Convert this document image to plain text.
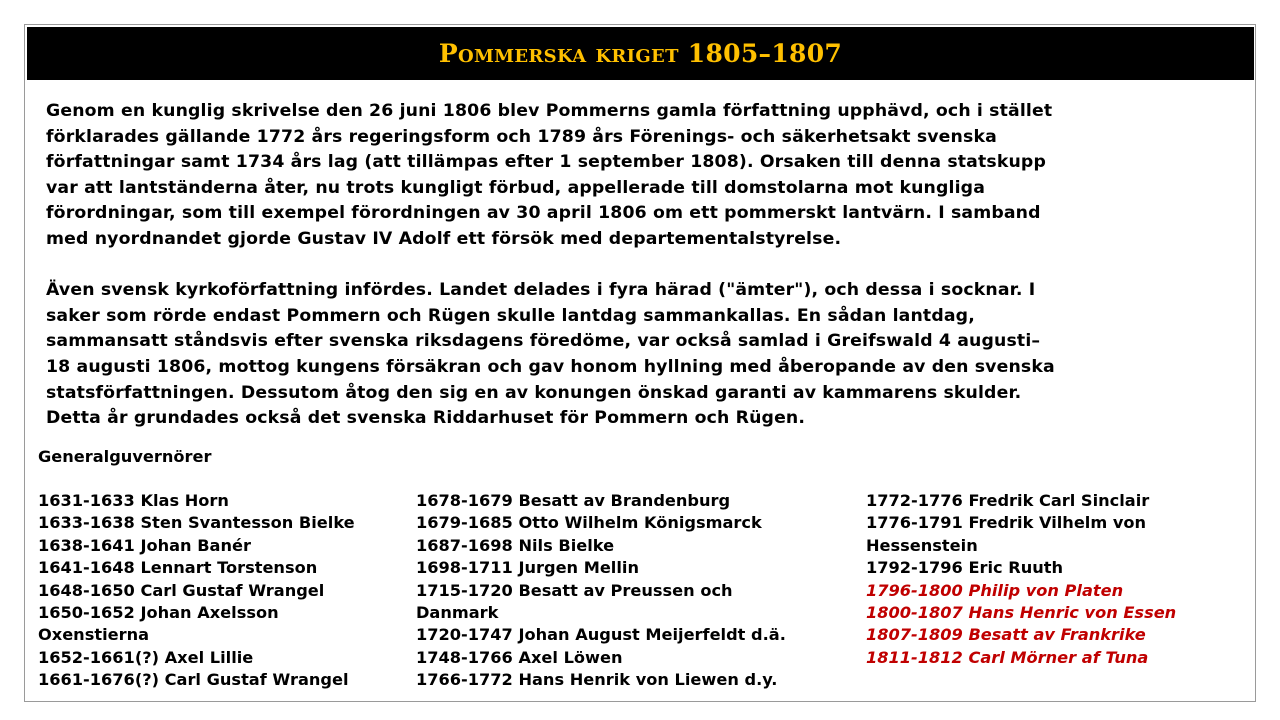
Pommerska kriget 1805–1807

Genom en kunglig skrivelse den 26 juni 1806 blev Pommerns gamla författning upphävd, och i stället
förklarades gällande 1772 års regeringsform och 1789 års Förenings- och säkerhetsakt svenska
författningar samt 1734 års lag (att tillämpas efter 1 september 1808). Orsaken till denna statskupp
var att lantständerna åter, nu trots kungligt förbud, appellerade till domstolarna mot kungliga
förordningar, som till exempel förordningen av 30 april 1806 om ett pommerskt lantvärn. I samband
med nyordnandet gjorde Gustav IV Adolf ett försök med departementalstyrelse.

Även svensk kyrkoförfattning infördes. Landet delades i fyra härad ("ämter"), och dessa i socknar. I
saker som rörde endast Pommern och Rügen skulle lantdag sammankallas. En sådan lantdag,
sammansatt ståndsvis efter svenska riksdagens föredöme, var också samlad i Greifswald 4 augusti–
18 augusti 1806, mottog kungens försäkran och gav honom hyllning med åberopande av den svenska
statsförfattningen. Dessutom åtog den sig en av konungen önskad garanti av kammarens skulder.
Detta år grundades också det svenska Riddarhuset för Pommern och Rügen.

Generalguvernörer
1631-1633 Klas Horn
1633-1638 Sten Svantesson Bielke
1638-1641 Johan Banér
1641-1648 Lennart Torstenson
1648-1650 Carl Gustaf Wrangel
1650-1652 Johan Axelsson
Oxenstierna
1652-1661(?) Axel Lillie
1661-1676(?) Carl Gustaf Wrangel
1678-1679 Besatt av Brandenburg
1679-1685 Otto Wilhelm Königsmarck
1687-1698 Nils Bielke
1698-1711 Jurgen Mellin
1715-1720 Besatt av Preussen och
Danmark
1720-1747 Johan August Meijerfeldt d.ä.
1748-1766 Axel Löwen
1766-1772 Hans Henrik von Liewen d.y.
1772-1776 Fredrik Carl Sinclair
1776-1791 Fredrik Vilhelm von
Hessenstein
1792-1796 Eric Ruuth
1796-1800 Philip von Platen
1800-1807 Hans Henric von Essen
1807-1809 Besatt av Frankrike
1811-1812 Carl Mörner af Tuna
